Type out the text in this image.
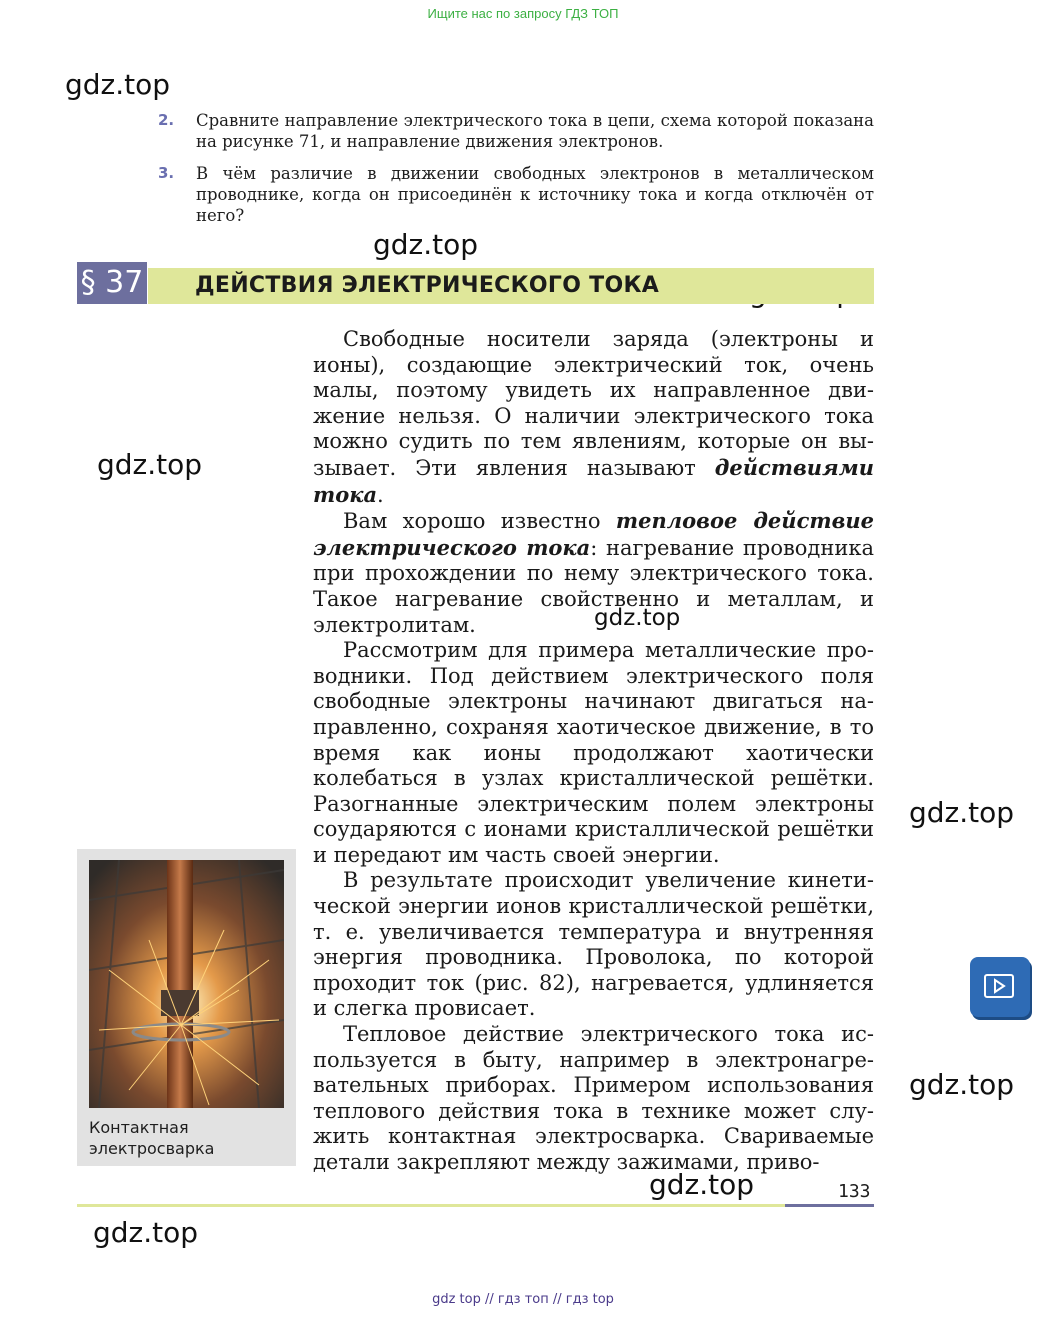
Ищите нас по запросу ГДЗ ТОП
gdz.top
gdz.top
gdz.top
gdz.top
gdz.top
gdz.top
gdz.top
gdz.top
2. Сравните направление электрического тока в цепи, схема которой показана на рисунке 71, и направление движения электронов.
3. В чём различие в движении свободных электронов в металлическом проводнике, когда он присоединён к источнику тока и когда отключён от него?
§ 37 ДЕЙСТВИЯ ЭЛЕКТРИЧЕСКОГО ТОКА

Свободные носители заряда (электроны и ионы), создающие электрический ток, очень малы, поэтому увидеть их направленное движение нельзя. О наличии электрического тока можно судить по тем явлениям, которые он вызывает. Эти явления называют действиями тока.

Вам хорошо известно тепловое действие электрического тока: нагревание проводника при прохождении по нему электрического тока. Такое нагревание свойственно и металлам, и электролитам.

Рассмотрим для примера металлические проводники. Под действием электрического поля свободные электроны начинают двигаться направленно, сохраняя хаотическое движение, в то время как ионы продолжают хаотически колебаться в узлах кристаллической решётки. Разогнанные электрическим полем электроны соударяются с ионами кристаллической решётки и передают им часть своей энергии.

В результате происходит увеличение кинетической энергии ионов кристаллической решётки, т. е. увеличивается температура и внутренняя энергия проводника. Проволока, по которой проходит ток (рис. 82), нагревается, удлиняется и слегка провисает.

Тепловое действие электрического тока используется в быту, например в электронагревательных приборах. Примером использования теплового действия тока в технике может служить контактная электросварка. Свариваемые детали закрепляют между зажимами, приво-

Контактная
электросварка
133
gdz top // гдз топ // гдз top
